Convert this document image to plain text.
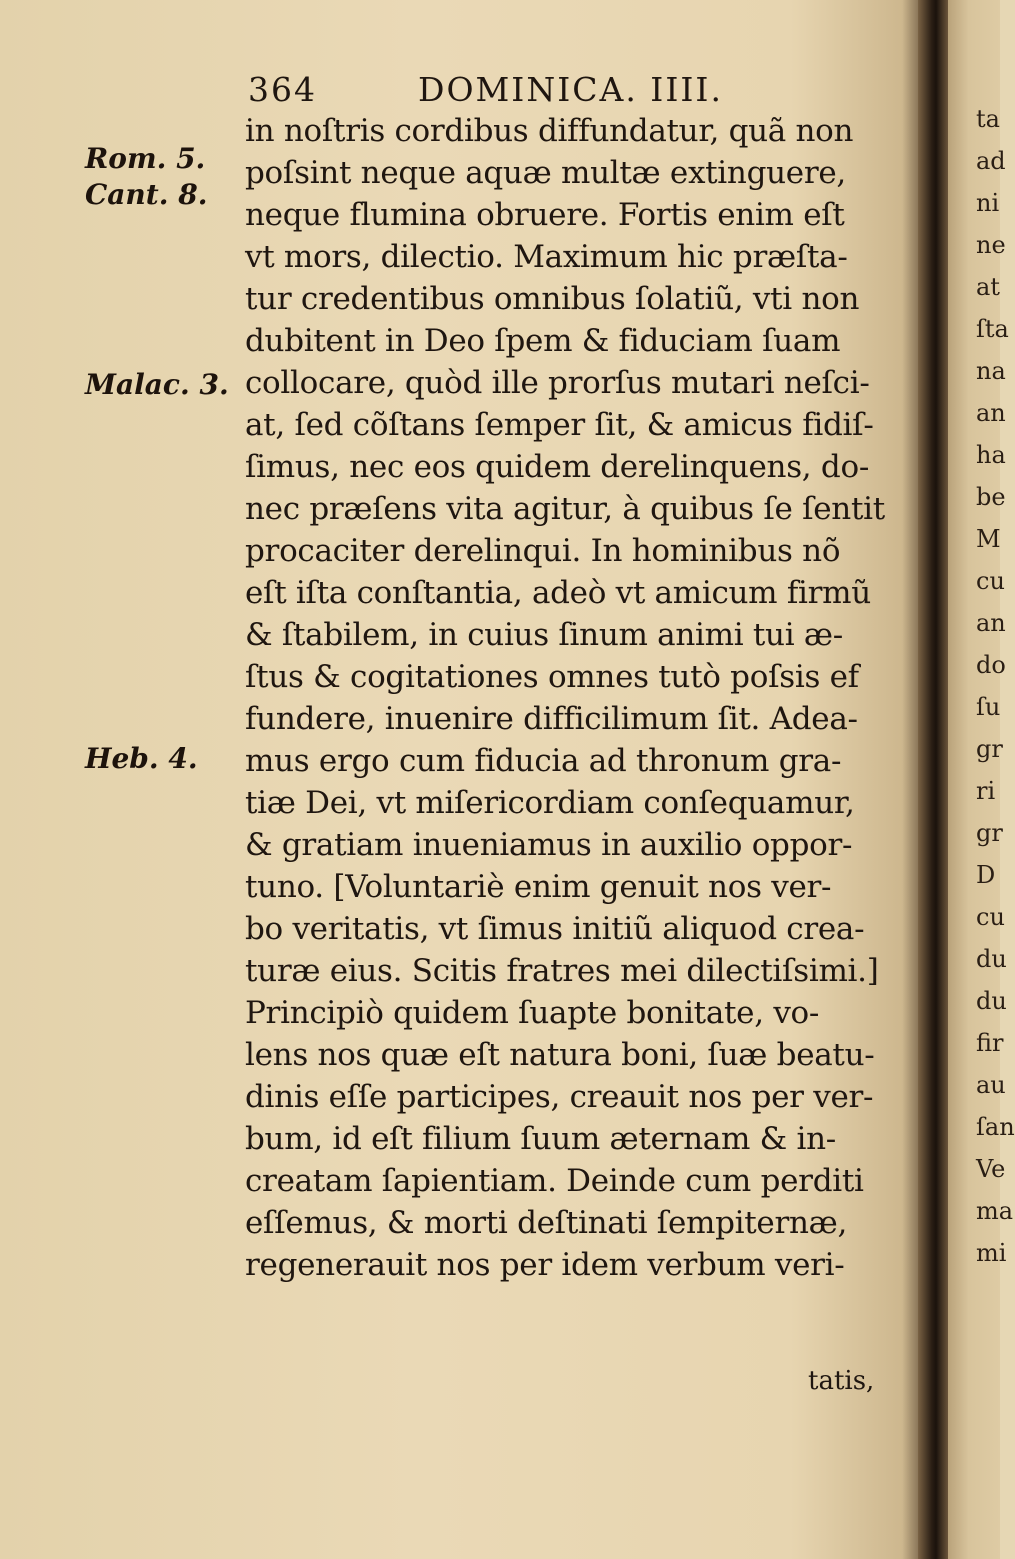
364	DOMINICA. IIII.
Rom. 5.
Cant. 8.
Malac. 3.
Heb. 4.
in noſtris cordibus diffundatur, quã non
poſsint neque aquæ multæ extinguere,
neque flumina obruere. Fortis enim eſt
vt mors, dilectio. Maximum hic præſta-
tur credentibus omnibus ſolatiũ, vti non
dubitent in Deo ſpem & fiduciam ſuam
collocare, quòd ille prorſus mutari neſci-
at, ſed cõſtans ſemper ſit, & amicus fidiſ-
ſimus, nec eos quidem derelinquens, do-
nec præſens vita agitur, à quibus ſe ſentit
procaciter derelinqui. In hominibus nõ
eſt iſta conſtantia, adeò vt amicum firmũ
& ſtabilem, in cuius ſinum animi tui æ-
ſtus & cogitationes omnes tutò poſsis ef
fundere, inuenire difficilimum ſit. Adea-
mus ergo cum fiducia ad thronum gra-
tiæ Dei, vt miſericordiam conſequamur,
& gratiam inueniamus in auxilio oppor-
tuno. [Voluntariè enim genuit nos ver-
bo veritatis, vt ſimus initiũ aliquod crea-
turæ eius. Scitis fratres mei dilectiſsimi.]
Principiò quidem ſuapte bonitate, vo-
lens nos quæ eſt natura boni, ſuæ beatu-
dinis eſſe participes, creauit nos per ver-
bum, id eſt filium ſuum æternam & in-
creatam ſapientiam. Deinde cum perditi
eſſemus, & morti deſtinati ſempiternæ,
regenerauit nos per idem verbum veri-
tatis,
ta
ad
ni
ne
at
ſta
na
an
ha
be
M
cu
an
do
ſu
gr
ri
gr
D
cu
du
du
fir
au
ſan
Ve
ma
mi
